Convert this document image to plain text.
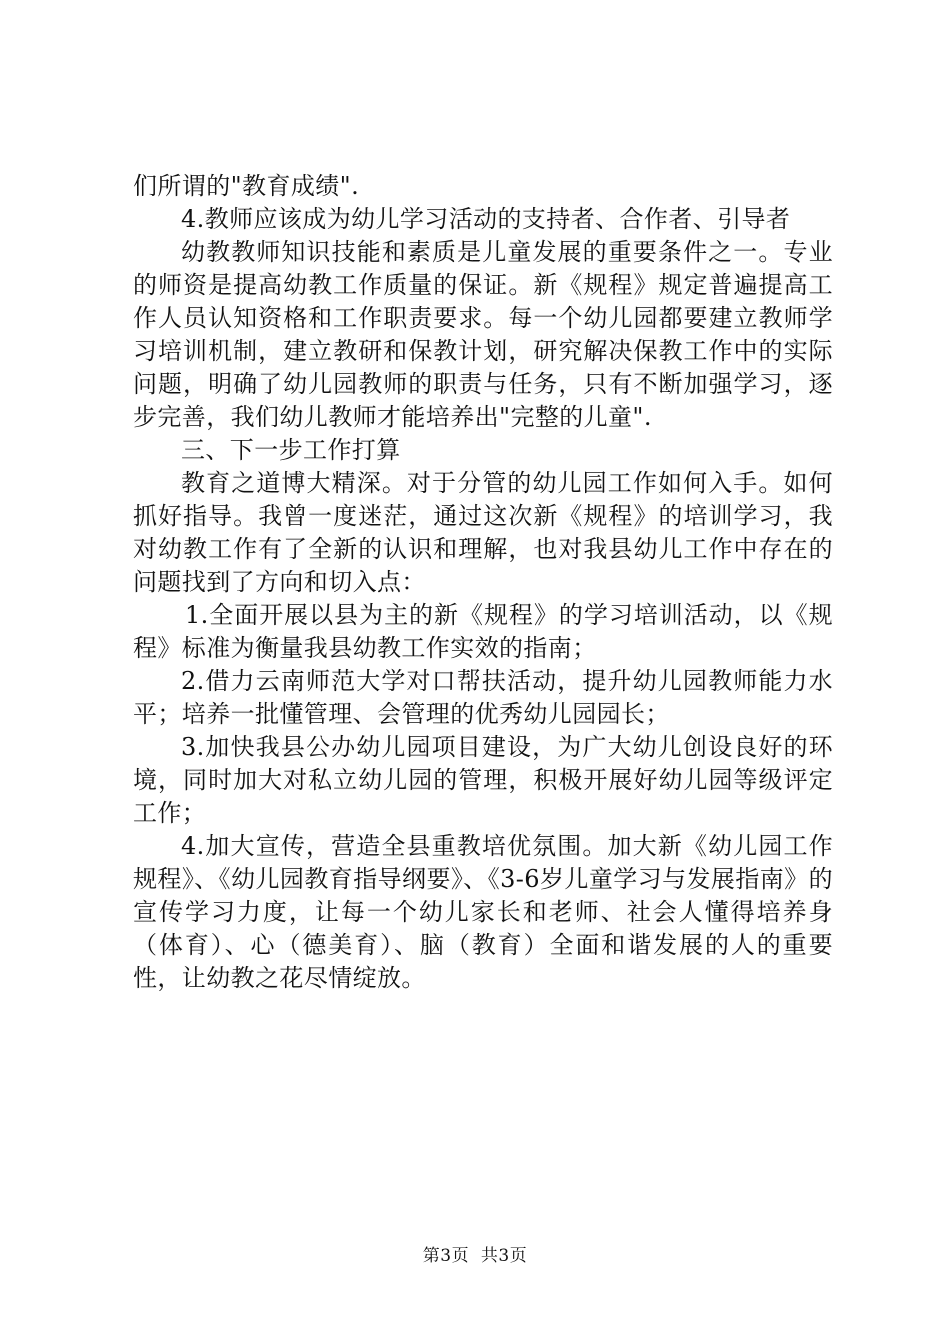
们所谓的"教育成绩".

4.教师应该成为幼儿学习活动的支持者、合作者、引导者

幼教教师知识技能和素质是儿童发展的重要条件之一。专业的师资是提高幼教工作质量的保证。新《规程》规定普遍提高工作人员认知资格和工作职责要求。每一个幼儿园都要建立教师学习培训机制，建立教研和保教计划，研究解决保教工作中的实际问题，明确了幼儿园教师的职责与任务，只有不断加强学习，逐步完善，我们幼儿教师才能培养出"完整的儿童".

三、下一步工作打算

教育之道博大精深。对于分管的幼儿园工作如何入手。如何抓好指导。我曾一度迷茫，通过这次新《规程》的培训学习，我对幼教工作有了全新的认识和理解，也对我县幼儿工作中存在的问题找到了方向和切入点：

1.全面开展以县为主的新《规程》的学习培训活动，以《规程》标准为衡量我县幼教工作实效的指南；

2.借力云南师范大学对口帮扶活动，提升幼儿园教师能力水平；培养一批懂管理、会管理的优秀幼儿园园长；

3.加快我县公办幼儿园项目建设，为广大幼儿创设良好的环境，同时加大对私立幼儿园的管理，积极开展好幼儿园等级评定工作；

4.加大宣传，营造全县重教培优氛围。加大新《幼儿园工作规程》、《幼儿园教育指导纲要》、《3-6岁儿童学习与发展指南》的宣传学习力度，让每一个幼儿家长和老师、社会人懂得培养身（体育）、心（德美育）、脑（教育）全面和谐发展的人的重要性，让幼教之花尽情绽放。

第3页  共3页
